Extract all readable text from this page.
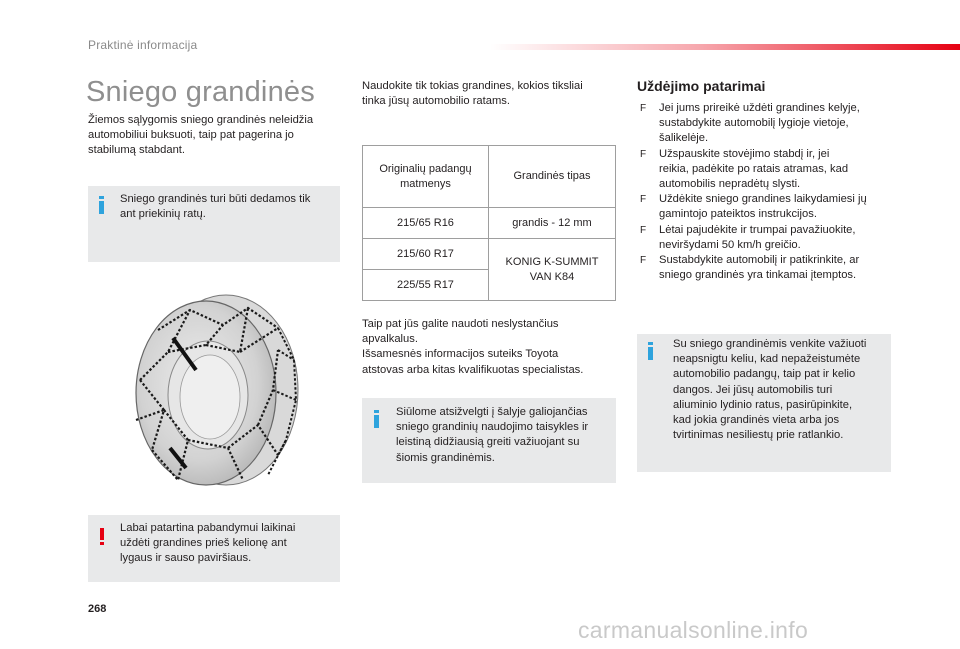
Praktinė informacija
Sniego grandinės
Žiemos sąlygomis sniego grandinės neleidžia
automobiliui buksuoti, taip pat pagerina jo
stabilumą stabdant.
Sniego grandinės turi būti dedamos tik
ant priekinių ratų.
Labai patartina pabandymui laikinai
uždėti grandines prieš kelionę ant
lygaus ir sauso paviršiaus.
Naudokite tik tokias grandines, kokios tiksliai
tinka jūsų automobilio ratams.
Originalių padangų
matmenys	Grandinės tipas
215/65 R16	grandis - 12 mm
215/60 R17	KONIG K-SUMMIT
VAN K84

225/55 R17	
Taip pat jūs galite naudoti neslystančius
apvalkalus.
Išsamesnės informacijos suteiks Toyota
atstovas arba kitas kvalifikuotas specialistas.
Siūlome atsižvelgti į šalyje galiojančias
sniego grandinių naudojimo taisykles ir
leistiną didžiausią greiti važiuojant su
šiomis grandinėmis.
Uždėjimo patarimai
F Jei jums prireikė uždėti grandines kelyje,
sustabdykite automobilį lygioje vietoje,
šalikelėje.
F Užspauskite stovėjimo stabdį ir, jei
reikia, padėkite po ratais atramas, kad
automobilis nepradėtų slysti.
F Uždėkite sniego grandines laikydamiesi jų
gamintojo pateiktos instrukcijos.
F Lėtai pajudėkite ir trumpai pavažiuokite,
neviršydami 50 km/h greičio.
F Sustabdykite automobilį ir patikrinkite, ar
sniego grandinės yra tinkamai įtemptos.
Su sniego grandinėmis venkite važiuoti
neapsnigtu keliu, kad nepažeistumėte
automobilio padangų, taip pat ir kelio
dangos. Jei jūsų automobilis turi
aliuminio lydinio ratus, pasirūpinkite,
kad jokia grandinės vieta arba jos
tvirtinimas nesiliestų prie ratlankio.
268
carmanualsonline.info
